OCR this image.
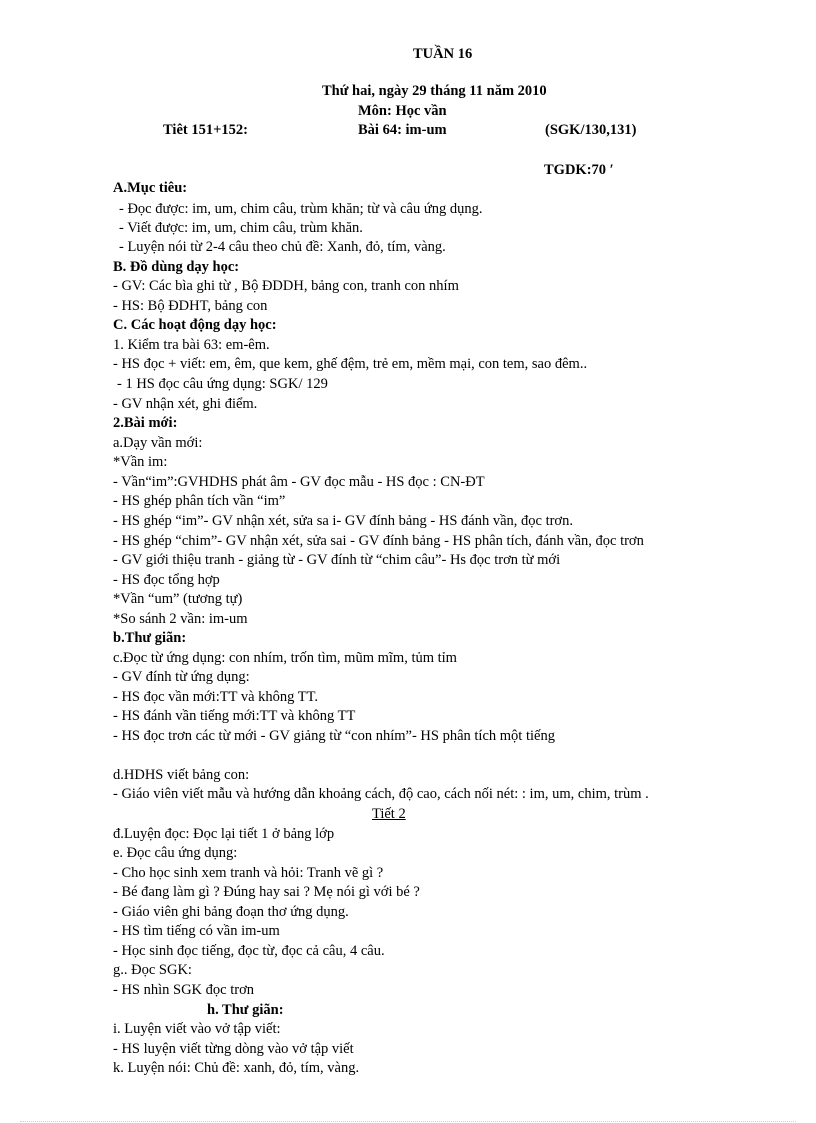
TUẦN 16
Thứ hai, ngày 29 tháng 11 năm 2010
Môn: Học vần
Tiêt 151+152:	Bài 64: im-um	(SGK/130,131)
TGDK:70 ′
A.Mục tiêu:
- Đọc được: im, um, chim câu, trùm khăn; từ và câu ứng dụng.
- Viết được: im, um, chim câu, trùm khăn.
- Luyện nói từ 2-4 câu theo chủ đề: Xanh, đỏ, tím, vàng.
B. Đồ dùng dạy học:
- GV: Các bìa ghi từ , Bộ ĐDDH, bảng con, tranh con nhím
- HS: Bộ ĐDHT, bảng con
C. Các hoạt động dạy học:
1. Kiểm tra bài 63: em-êm.
- HS đọc + viết: em, êm, que kem, ghế đệm, trẻ em, mềm mại, con tem, sao đêm..
- 1 HS đọc câu ứng dụng: SGK/ 129
- GV nhận xét, ghi điểm.
2.Bài mới:
a.Dạy vần mới:
*Vần im:
- Vần“im”:GVHDHS phát âm - GV đọc mẫu - HS đọc : CN-ĐT
- HS ghép phân tích vần “im”
- HS ghép “im”- GV nhận xét, sửa sa i- GV đính bảng - HS đánh vần, đọc trơn.
- HS ghép “chim”- GV nhận xét, sửa sai - GV đính bảng - HS phân tích, đánh vần, đọc trơn
- GV giới thiệu tranh - giảng từ - GV đính từ “chim câu”- Hs đọc trơn từ mới
- HS đọc tổng hợp
*Vần “um” (tương tự)
*So sánh 2 vần: im-um
b.Thư giãn:
c.Đọc từ ứng dụng: con nhím, trốn tìm, mũm mĩm, tủm tỉm
- GV đính từ ứng dụng:
- HS đọc vần mới:TT và không TT.
- HS đánh vần tiếng mới:TT và không TT
- HS đọc trơn các từ mới - GV giảng từ “con nhím”- HS phân tích một tiếng
d.HDHS viết bảng con:
- Giáo viên viết mẫu và hướng dẫn khoảng cách, độ cao, cách nối nét: : im, um, chim, trùm .
Tiết 2
đ.Luyện đọc: Đọc lại tiết 1 ở bảng lớp
e. Đọc câu ứng dụng:
- Cho học sinh xem tranh và hỏi: Tranh vẽ gì ?
- Bé đang làm gì ? Đúng hay sai ? Mẹ nói gì với bé ?
- Giáo viên ghi bảng đoạn thơ ứng dụng.
- HS tìm tiếng có vần im-um
- Học sinh đọc tiếng, đọc từ, đọc cả câu, 4 câu.
g.. Đọc SGK:
- HS nhìn SGK đọc trơn
h. Thư giãn:
i. Luyện viết vào vở tập viết:
- HS luyện viết từng dòng vào vở tập viết
k. Luyện nói: Chủ đề: xanh, đỏ, tím, vàng.
